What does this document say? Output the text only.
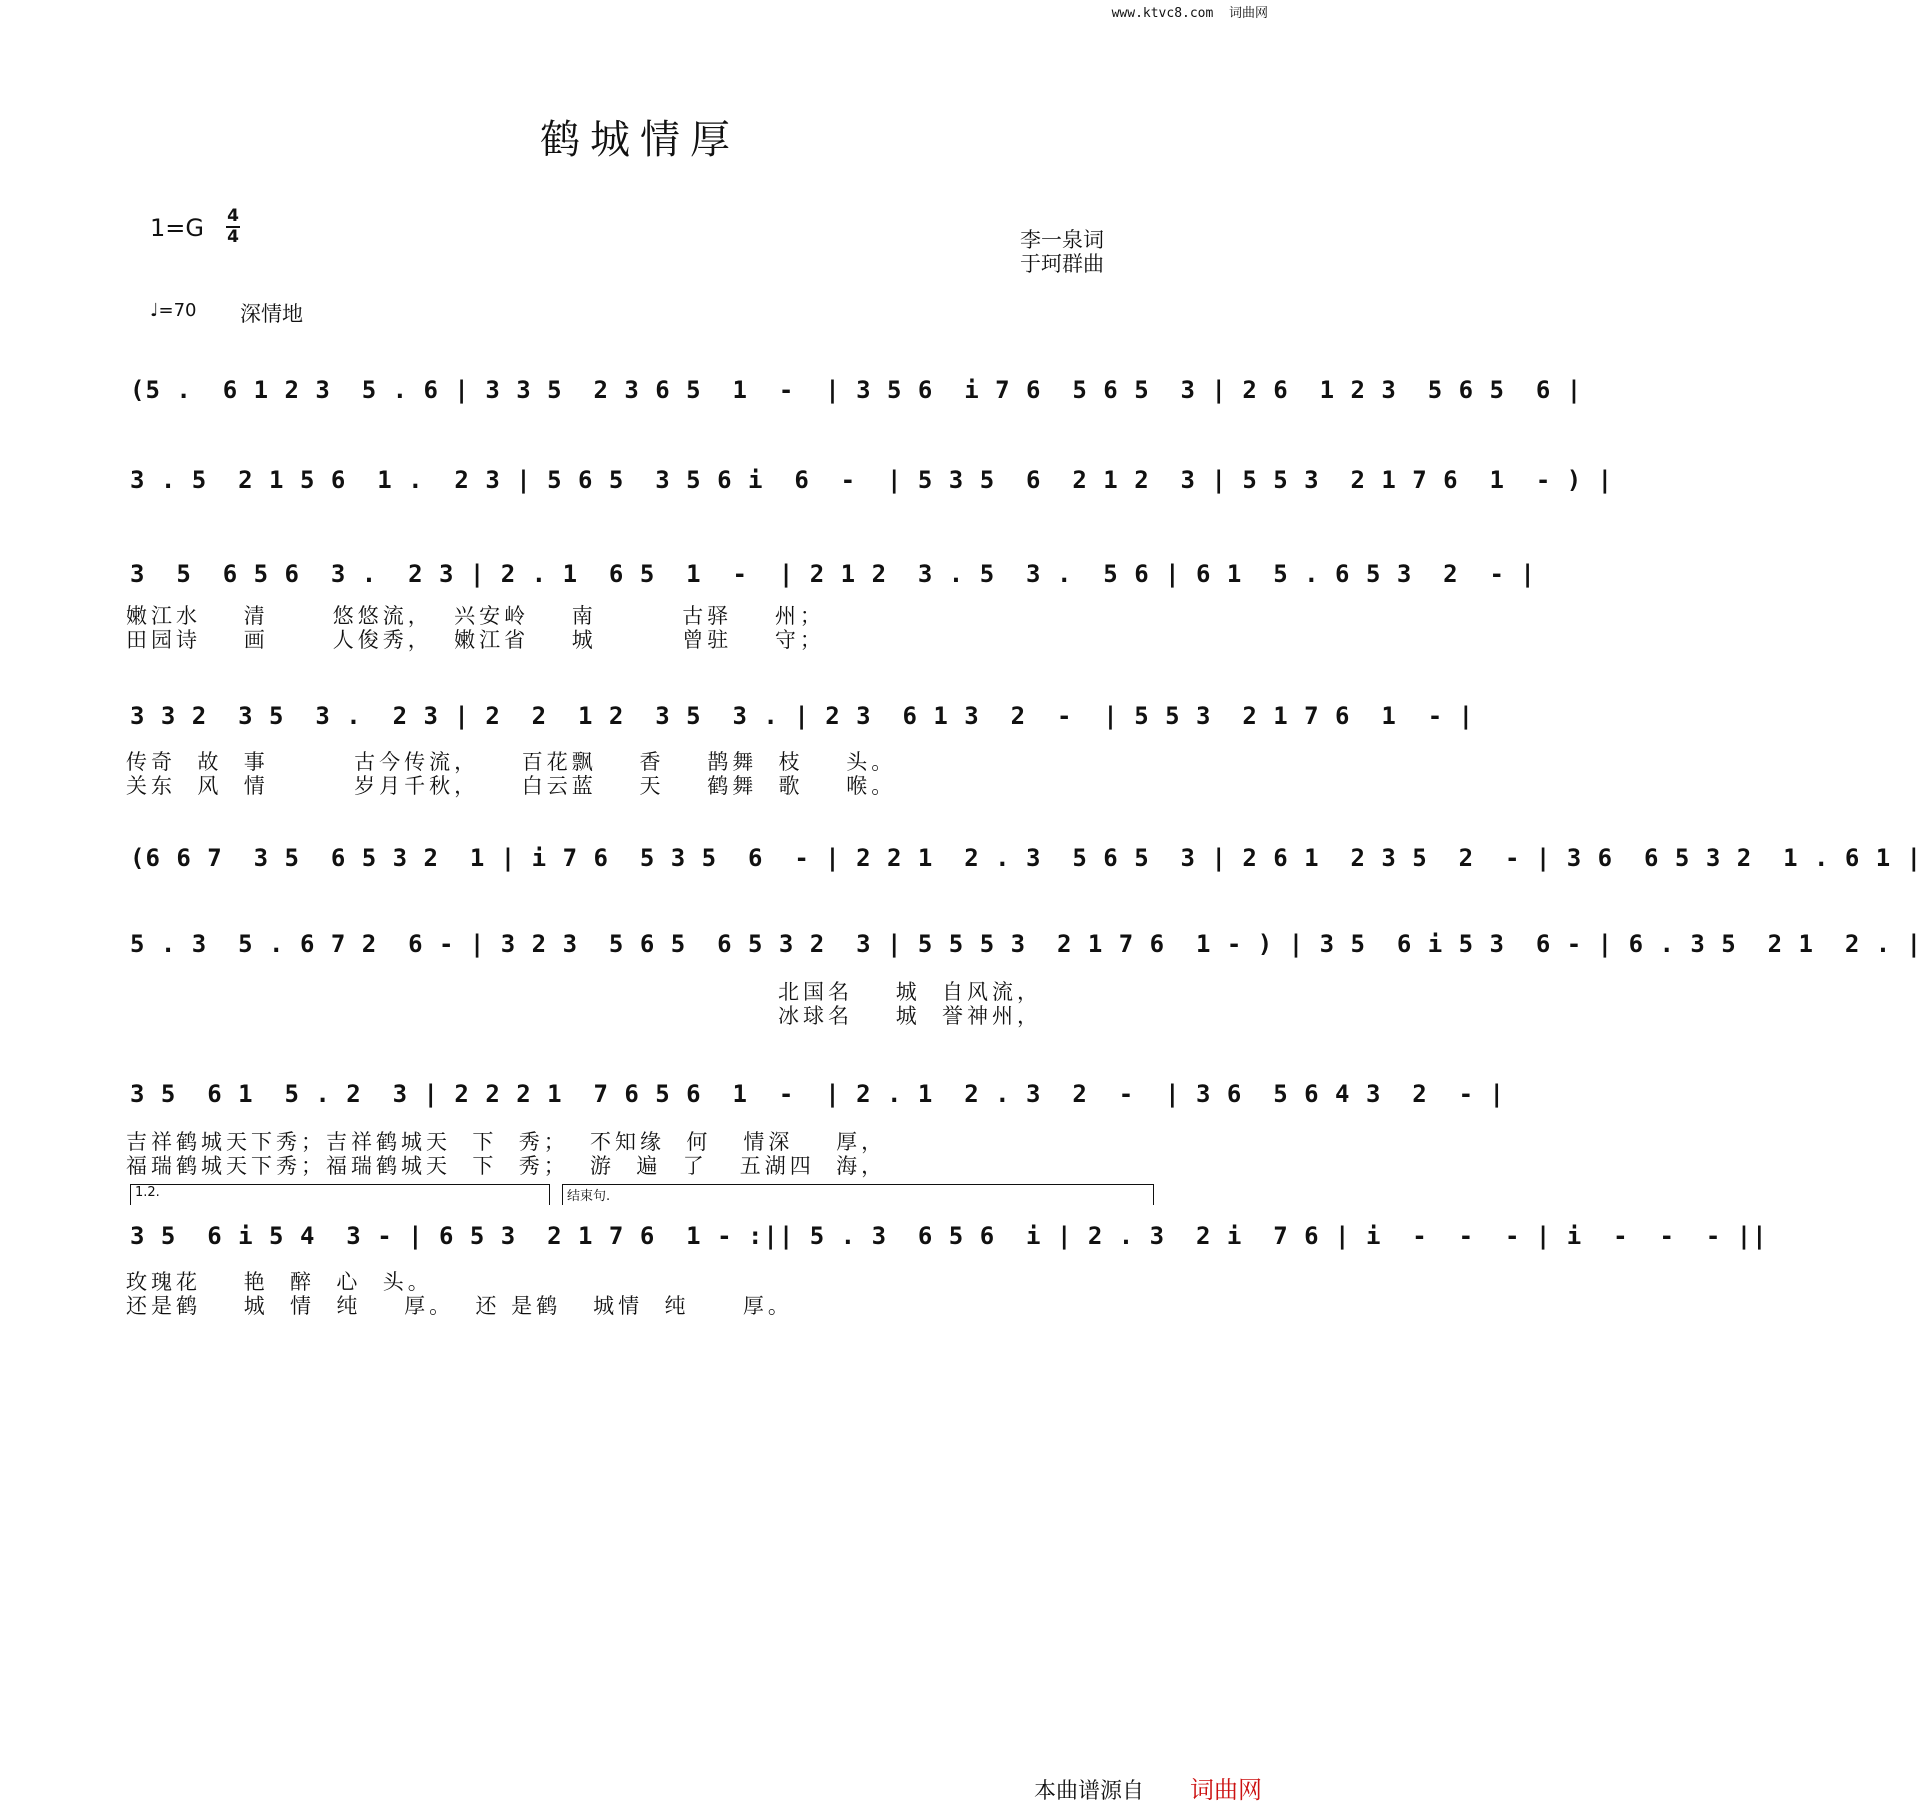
www.ktvc8.com  词曲网
鹤城情厚
1=G 4
4	李一泉词
于珂群曲
♩=70 深情地
(5 .  6 1 2 3  5 . 6 | 3 3 5  2 3 6 5  1  -  | 3 5 6  i 7 6  5 6 5  3 | 2 6  1 2 3  5 6 5  6 |
3 . 5  2 1 5 6  1 .  2 3 | 5 6 5  3 5 6 i  6  -  | 5 3 5  6  2 1 2  3 | 5 5 3  2 1 7 6  1  - ) |
3  5  6 5 6  3 .  2 3 | 2 . 1  6 5  1  -  | 2 1 2  3 . 5  3 .  5 6 | 6 1  5 . 6 5 3  2  - |
嫩江水    清      悠悠流，  兴安岭    南        古驿    州；
田园诗    画      人俊秀，  嫩江省    城        曾驻    守；
3 3 2  3 5  3 .  2 3 | 2  2  1 2  3 5  3 . | 2 3  6 1 3  2  -  | 5 5 3  2 1 7 6  1  - |
传奇  故  事        古今传流，    百花飘    香    鹊舞  枝    头。
关东  风  情        岁月千秋，    白云蓝    天    鹤舞  歌    喉。
(6 6 7  3 5  6 5 3 2  1 | i 7 6  5 3 5  6  - | 2 2 1  2 . 3  5 6 5  3 | 2 6 1  2 3 5  2  - | 3 6  6 5 3 2  1 . 6 1 |
5 . 3  5 . 6 7 2  6 - | 3 2 3  5 6 5  6 5 3 2  3 | 5 5 5 3  2 1 7 6  1 - ) | 3 5  6 i 5 3  6 - | 6 . 3 5  2 1  2 . |
北国名    城  自风流，
冰球名    城  誉神州，
3 5  6 1  5 . 2  3 | 2 2 2 1  7 6 5 6  1  -  | 2 . 1  2 . 3  2  -  | 3 6  5 6 4 3  2  - |
吉祥鹤城天下秀；吉祥鹤城天  下  秀；  不知缘  何   情深    厚，
福瑞鹤城天下秀；福瑞鹤城天  下  秀；  游  遍  了   五湖四  海，
1.2.	结束句.
3 5  6 i 5 4  3 - | 6 5 3  2 1 7 6  1 - :|| 5 . 3  6 5 6  i | 2 . 3  2 i  7 6 | i  -  -  - | i  -  -  - ||
玫瑰花    艳  醉  心  头。
还是鹤    城  情  纯    厚。  还 是鹤   城情  纯     厚。
本曲谱源自 词曲网
